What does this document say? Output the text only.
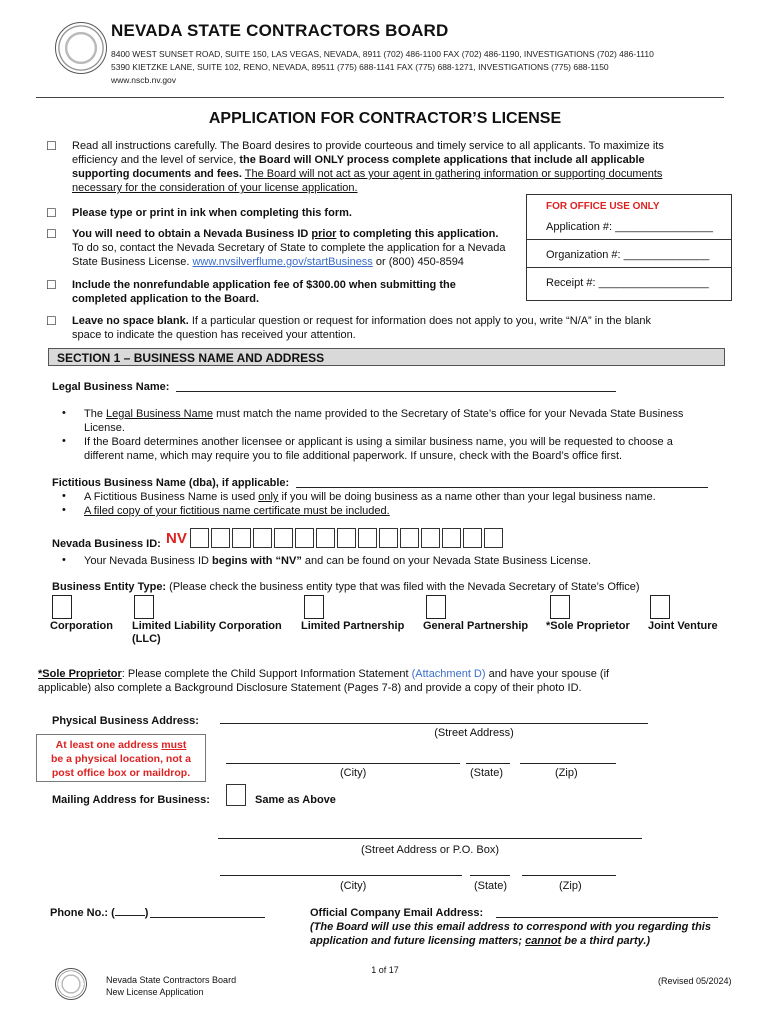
NEVADA STATE CONTRACTORS BOARD
8400 WEST SUNSET ROAD, SUITE 150, LAS VEGAS, NEVADA, 8911 (702) 486-1100 FAX (702) 486-1190, INVESTIGATIONS (702) 486-1110
5390 KIETZKE LANE, SUITE 102, RENO, NEVADA, 89511 (775) 688-1141 FAX (775) 688-1271, INVESTIGATIONS (775) 688-1150
www.nscb.nv.gov
APPLICATION FOR CONTRACTOR’S LICENSE
☐ Read all instructions carefully. The Board desires to provide courteous and timely service to all applicants. To maximize its
efficiency and the level of service, the Board will ONLY process complete applications that include all applicable
supporting documents and fees. The Board will not act as your agent in gathering information or supporting documents
necessary for the consideration of your license application.
☐ Please type or print in ink when completing this form.
☐ You will need to obtain a Nevada Business ID prior to completing this application.
To do so, contact the Nevada Secretary of State to complete the application for a Nevada
State Business License. www.nvsilverflume.gov/startBusiness or (800) 450-8594
☐ Include the nonrefundable application fee of $300.00 when submitting the
completed application to the Board.
☐ Leave no space blank. If a particular question or request for information does not apply to you, write “N/A” in the blank
space to indicate the question has received your attention.
FOR OFFICE USE ONLY
Application #: ________________
Organization #: ______________
Receipt #: __________________
SECTION 1 – BUSINESS NAME AND ADDRESS
Legal Business Name:
• The Legal Business Name must match the name provided to the Secretary of State’s office for your Nevada State Business
License.
• If the Board determines another licensee or applicant is using a similar business name, you will be requested to choose a
different name, which may require you to file additional paperwork. If unsure, check with the Board’s office first.
Fictitious Business Name (dba), if applicable:
• A Fictitious Business Name is used only if you will be doing business as a name other than your legal business name.
• A filed copy of your fictitious name certificate must be included.
Nevada Business ID: NV
• Your Nevada Business ID begins with “NV” and can be found on your Nevada State Business License.
Business Entity Type: (Please check the business entity type that was filed with the Nevada Secretary of State’s Office)
Corporation Limited Liability Corporation
(LLC)
Limited Partnership General Partnership *Sole Proprietor Joint Venture
*Sole Proprietor: Please complete the Child Support Information Statement (Attachment D) and have your spouse (if
applicable) also complete a Background Disclosure Statement (Pages 7-8) and provide a copy of their photo ID.
Physical Business Address:
(Street Address)
At least one address must
be a physical location, not a
post office box or maildrop.	(City)	(State)	(Zip)
Mailing Address for Business:	Same as Above
(Street Address or P.O. Box)
(City)	(State)	(Zip)
Phone No.: (	)	Official Company Email Address:
(The Board will use this email address to correspond with you regarding this
application and future licensing matters; cannot be a third party.)
1 of 17
Nevada State Contractors Board
New License Application
(Revised 05/2024)
